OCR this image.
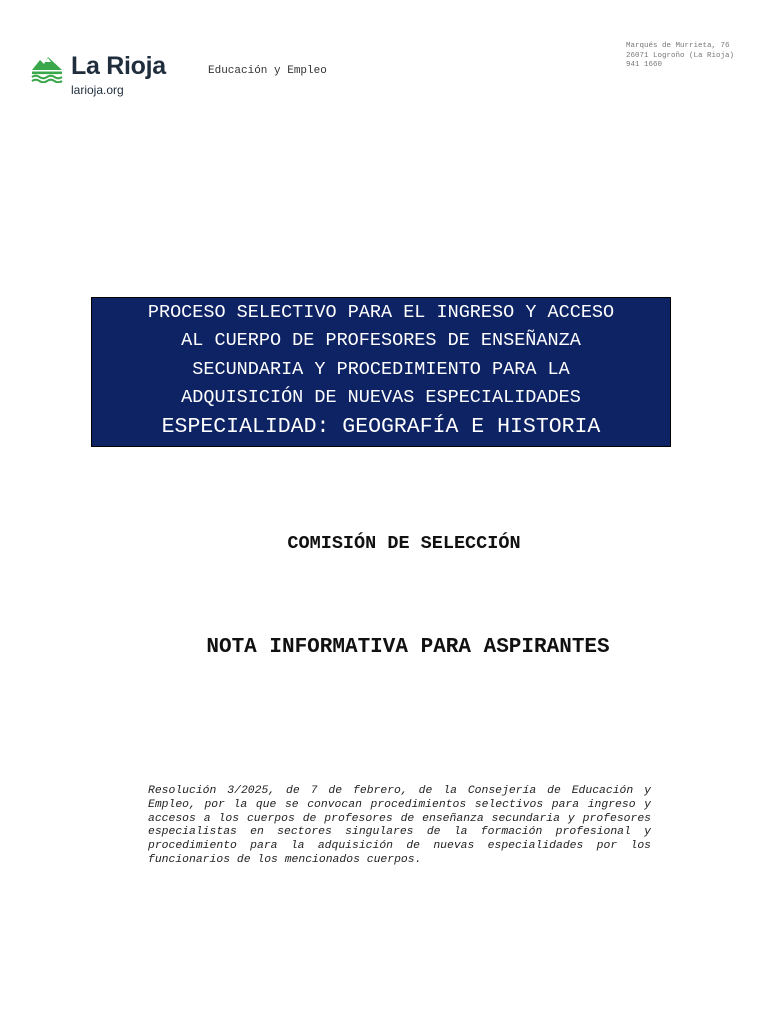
La Rioja
larioja.org
Educación y Empleo
Marqués de Murrieta, 76
26071 Logroño (La Rioja)
941 1660
PROCESO SELECTIVO PARA EL INGRESO Y ACCESO
AL CUERPO DE PROFESORES DE ENSEÑANZA
SECUNDARIA Y PROCEDIMIENTO PARA LA
ADQUISICIÓN DE NUEVAS ESPECIALIDADES
ESPECIALIDAD: GEOGRAFÍA E HISTORIA
COMISIÓN DE SELECCIÓN
NOTA INFORMATIVA PARA ASPIRANTES
Resolución 3/2025, de 7 de febrero, de la Consejería de Educación y Empleo, por la que se convocan procedimientos selectivos para ingreso y accesos a los cuerpos de profesores de enseñanza secundaria y profesores especialistas en sectores singulares de la formación profesional y procedimiento para la adquisición de nuevas especialidades por los funcionarios de los mencionados cuerpos.
